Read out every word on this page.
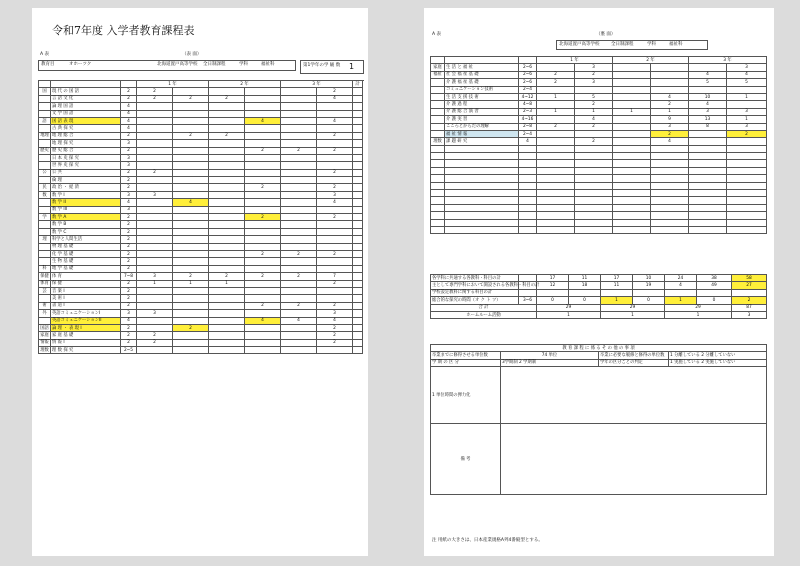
令和7年度 入学者教育課程表
A 表	（表 面）
教育目	オホーツク	北海道置戸高等学校 全日制課程	学科	福祉科	第1学年の学 級 数	1
			1 年		2 年		3 年		計	
国	現 代 の 国 語	2	2					2		
	言 語 文 化	2	2	2	2			4		
	論 理 国 語	4								
	文 学 国 語	4								
語	国 語 表 現	4				4		4		
	古 典 探 究	4								
地理	地 理 総 合	2		2	2			2		
	地 理 探 究	3								
歴史	歴 史 総 合	2				2	2	2		
	日 本 史 探 究	3								
	世 界 史 探 究	3								
公	公 共	2	2					2		
	倫 理	2								
民	政 治 ・ 経 済	2				2		2		
数	数 学 I	3	3					3		
	数 学 II	4		4				4		
	数 学 III	3								
学	数 学 A	2				2		2		
	数 学 B	2								
	数 学 C	2								
理	科学と人間生活	2								
	物 理 基 礎	2								
	化 学 基 礎	2				2	2	2		
	生 物 基 礎	2								
科	地 学 基 礎	2								
保健	体 育	7~8	3	2	2	2	2	7		
体育	保 健	2	1	1	1			2		
芸	音 楽 I	2								
	美 術 I	2								
術	書 道 I	2				2	2	2		
外	英語コミュニケーションI	3	3					3		
	英語コミュニケーションII	4				4	4	4		
国語	論 理 ・ 表 現 I	2		2				2		
家庭	家 庭 基 礎	2	2					2		
情報	情 報 I	2	2					2		
理数	理 数 探 究	2~5								
A 表	（裏 面）
北海道置戸高等学校	全日制課程	学科	福祉科
			1 年		2 年		3 年	
家庭	生 活 と 福 祉	2~6		3				3	
福祉	社 会 福 祉 基 礎	2~6	2	2			4	4	
	介 護 福 祉 基 礎	2~6	2	3			5	5	
	コミュニケーション技術	2~4							
	生 活 支 援 技 術	4~12	1	5		4	10	1	
	介 護 過 程	4~8		2		2	4		
	介 護 総 合 演 習	2~3	1	1	1	1	3	3	
	介 護 実 習	4~16		4		9	13	1	
	こころとからだの理解	2~8	2	2		3	8	3	
	福 祉 情 報	2~4				2		2	
理数	課 題 研 究	4		2		4			

各学科に共通する各教科・科目の計		17	11	17	10	24	38	58
主として専門学科において開設される各教科・科目の計		12	18	11	19	4	49	27
学校設定教科に関する科目の計								
総合的な探究の時間（オ ク ト ツ）	3~6	0	0	1	0	1	0	2
合 計		29		29		29		87
ホームルーム活動		1		1		1		3
教 育 課 程 に 係 る そ の 他 の 事 項			
卒業までに修得させる単位数	74 単位	卒業に必要な履修と修得の単位数	1 分離している 2 分離していない
学 期 の 区 分	3学期制 2 学期制	学年の区分ごとの判定	1 実施している 2 実施していない
1 単位時間の弾力化			
備 考			
注 用紙の大きさは、日本産業規格A列4番縦型とする。
